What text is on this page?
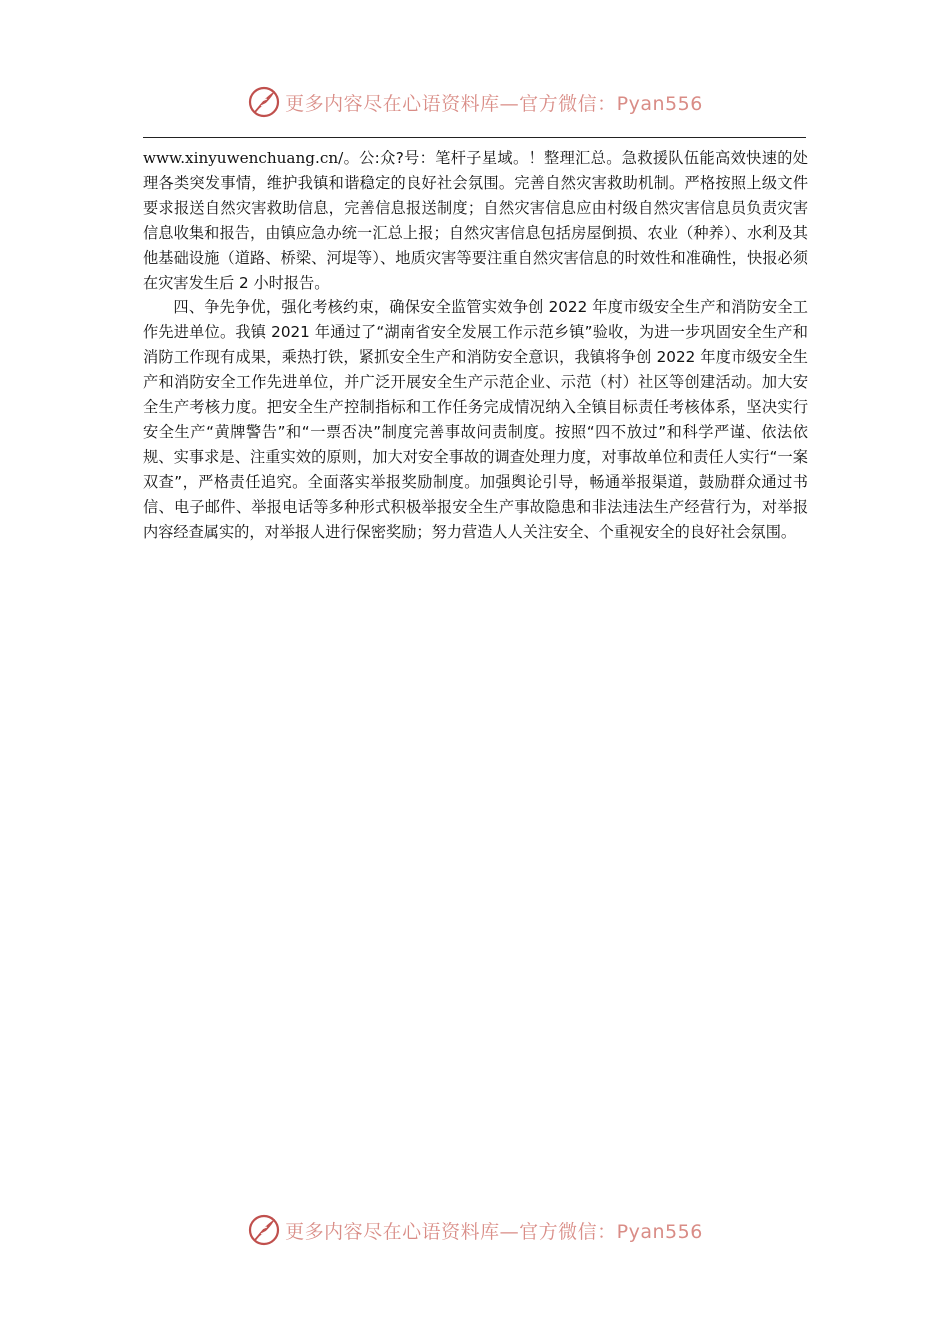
更多内容尽在心语资料库—官方微信：Pyan556

www.xinyuwenchuang.cn/。公:众?号：笔杆子星域。！整理汇总。急救援队伍能高效快速的处理各类突发事情，维护我镇和谐稳定的良好社会氛围。完善自然灾害救助机制。严格按照上级文件要求报送自然灾害救助信息，完善信息报送制度；自然灾害信息应由村级自然灾害信息员负责灾害信息收集和报告，由镇应急办统一汇总上报；自然灾害信息包括房屋倒损、农业（种养）、水利及其他基础设施（道路、桥梁、河堤等）、地质灾害等要注重自然灾害信息的时效性和准确性，快报必须在灾害发生后 2 小时报告。

四、争先争优，强化考核约束，确保安全监管实效争创 2022 年度市级安全生产和消防安全工作先进单位。我镇 2021 年通过了“湖南省安全发展工作示范乡镇”验收，为进一步巩固安全生产和消防工作现有成果，乘热打铁，紧抓安全生产和消防安全意识，我镇将争创 2022 年度市级安全生产和消防安全工作先进单位，并广泛开展安全生产示范企业、示范（村）社区等创建活动。加大安全生产考核力度。把安全生产控制指标和工作任务完成情况纳入全镇目标责任考核体系，坚决实行安全生产“黄牌警告”和“一票否决”制度完善事故问责制度。按照“四不放过”和科学严谨、依法依规、实事求是、注重实效的原则，加大对安全事故的调查处理力度，对事故单位和责任人实行“一案双查”，严格责任追究。全面落实举报奖励制度。加强舆论引导，畅通举报渠道，鼓励群众通过书信、电子邮件、举报电话等多种形式积极举报安全生产事故隐患和非法违法生产经营行为，对举报内容经查属实的，对举报人进行保密奖励；努力营造人人关注安全、个重视安全的良好社会氛围。

更多内容尽在心语资料库—官方微信：Pyan556
